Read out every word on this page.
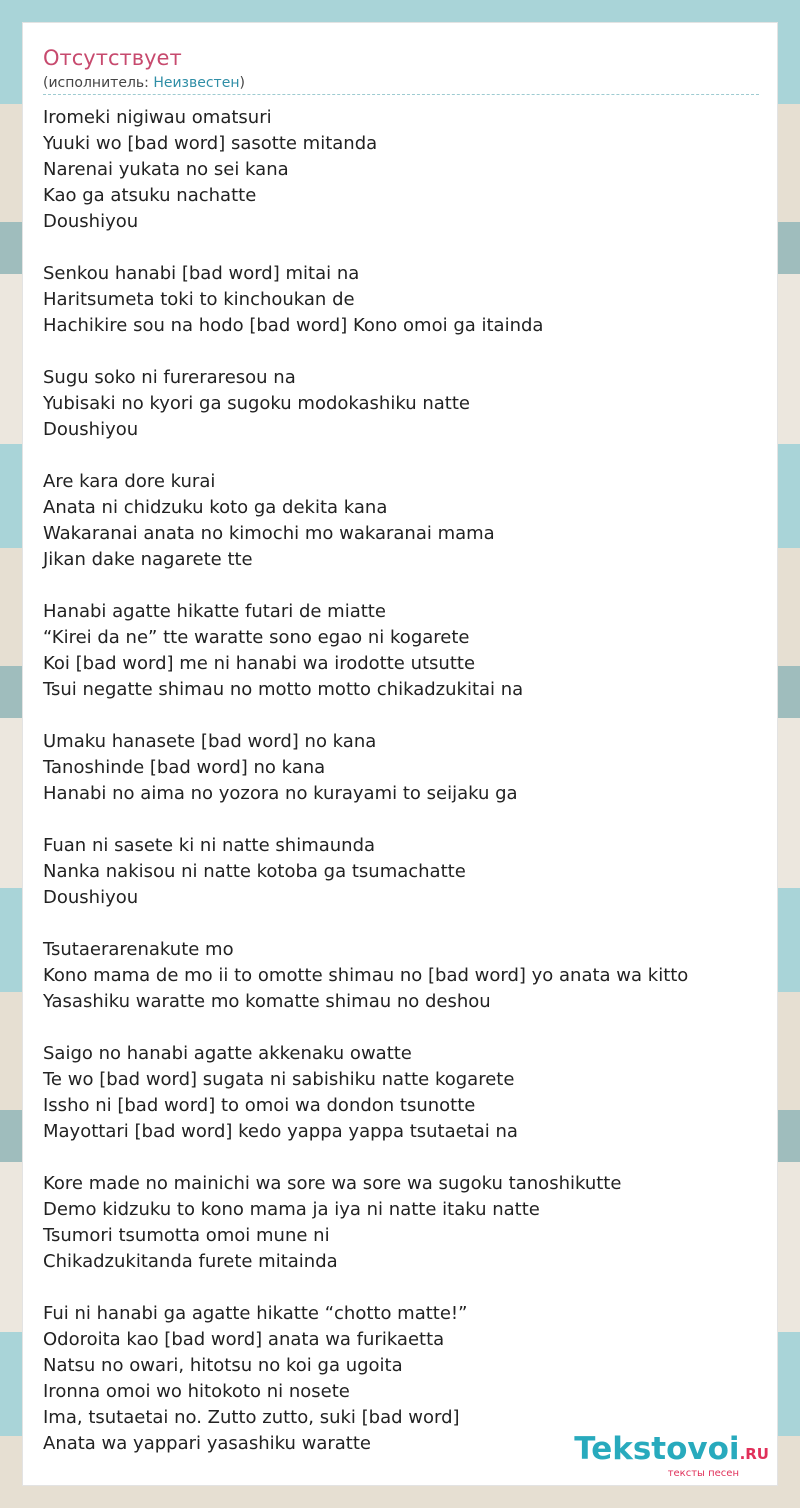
Отсутствует
(исполнитель: Неизвестен)
Iromeki nigiwau omatsuri
Yuuki wo [bad word] sasotte mitanda
Narenai yukata no sei kana
Kao ga atsuku nachatte
Doushiyou

Senkou hanabi [bad word] mitai na
Haritsumeta toki to kinchoukan de
Hachikire sou na hodo [bad word] Kono omoi ga itainda

Sugu soko ni fureraresou na
Yubisaki no kyori ga sugoku modokashiku natte
Doushiyou

Are kara dore kurai
Anata ni chidzuku koto ga dekita kana
Wakaranai anata no kimochi mo wakaranai mama
Jikan dake nagarete tte

Hanabi agatte hikatte futari de miatte
“Kirei da ne” tte waratte sono egao ni kogarete
Koi [bad word] me ni hanabi wa irodotte utsutte
Tsui negatte shimau no motto motto chikadzukitai na

Umaku hanasete [bad word] no kana
Tanoshinde [bad word] no kana
Hanabi no aima no yozora no kurayami to seijaku ga

Fuan ni sasete ki ni natte shimaunda
Nanka nakisou ni natte kotoba ga tsumachatte
Doushiyou

Tsutaerarenakute mo
Kono mama de mo ii to omotte shimau no [bad word] yo anata wa kitto
Yasashiku waratte mo komatte shimau no deshou

Saigo no hanabi agatte akkenaku owatte
Te wo [bad word] sugata ni sabishiku natte kogarete
Issho ni [bad word] to omoi wa dondon tsunotte
Mayottari [bad word] kedo yappa yappa tsutaetai na

Kore made no mainichi wa sore wa sore wa sugoku tanoshikutte
Demo kidzuku to kono mama ja iya ni natte itaku natte
Tsumori tsumotta omoi mune ni
Chikadzukitanda furete mitainda

Fui ni hanabi ga agatte hikatte “chotto matte!”
Odoroita kao [bad word] anata wa furikaetta
Natsu no owari, hitotsu no koi ga ugoita
Ironna omoi wo hitokoto ni nosete
Ima, tsutaetai no. Zutto zutto, suki [bad word]
Anata wa yappari yasashiku waratte	Tekstovoi.RU
тексты песен
